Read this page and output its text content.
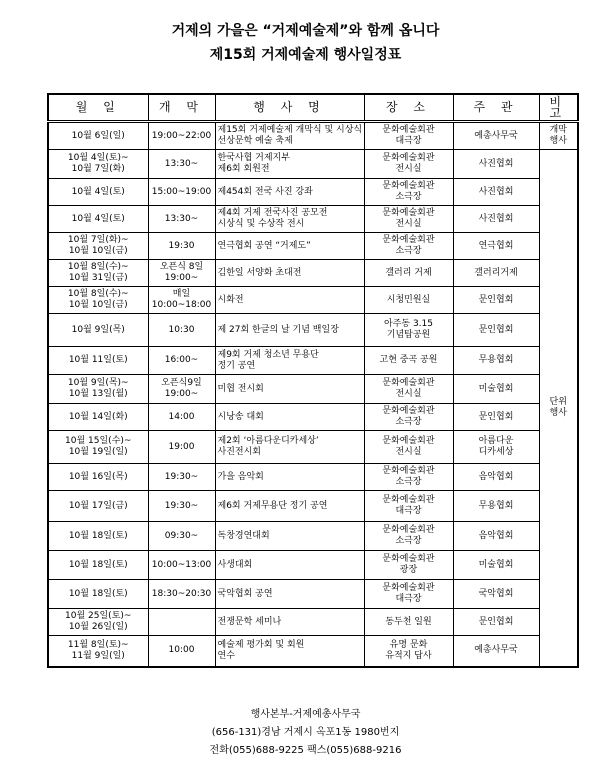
거제의 가을은 “거제예술제”와 함께 옵니다
제15회 거제예술제 행사일정표
월 일	개 막	행 사 명	장 소	주 관	비 고

10월 6일(일)	19:00~22:00	제15회 거제예술제 개막식 및 시상식
선상문학 예술 축제	문화예술회관
대극장	예총사무국	개막
행사

10월 4일(토)~
10월 7일(화)	13:30~	한국사협 거제지부
제6회 회원전	문화예술회관
전시실	사진협회	단위
행사

10월 4일(토)	15:00~19:00	제454회 전국 사진 강좌	문화예술회관
소극장	사진협회	

10월 4일(토)	13:30~	제4회 거제 전국사진 공모전
시상식 및 수상작 전시	문화예술회관
전시실	사진협회	

10월 7일(화)~
10월 10일(금)	19:30	연극협회 공연 “거제도”	문화예술회관
소극장	연극협회	

10월 8일(수)~
10월 31일(금)	오픈식 8일
19:00~	김한일 서양화 초대전	갤러리 거제	갤러리거제	

10월 8일(수)~
10월 10일(금)	매일
10:00~18:00	시화전	시청민원실	문인협회	

10월 9일(목)	10:30	제 27회 한글의 날 기념 백일장	아주동 3.15
기념탑공원	문인협회	

10월 11일(토)	16:00~	제9회 거제 청소년 무용단
정기 공연	고현 중곡 공원	무용협회	

10월 9일(목)~
10월 13일(월)	오픈식9일
19:00~	미협 전시회	문화예술회관
전시실	미술협회	

10월 14일(화)	14:00	시낭송 대회	문화예술회관
소극장	문인협회	

10월 15일(수)~
10월 19일(일)	19:00	제2회 ‘아름다운디카세상’
사진전시회	문화예술회관
전시실	아름다운
디카세상	

10월 16일(목)	19:30~	가을 음악회	문화예술회관
소극장	음악협회	

10월 17일(금)	19:30~	제6회 거제무용단 정기 공연	문화예술회관
대극장	무용협회	

10월 18일(토)	09:30~	독창경연대회	문화예술회관
소극장	음악협회	

10월 18일(토)	10:00~13:00	사생대회	문화예술회관
광장	미술협회	

10월 18일(토)	18:30~20:30	국악협회 공연	문화예술회관
대극장	국악협회	

10월 25일(토)~
10월 26일(일)		전쟁문학 세미나	동두천 일원	문인협회	

11월 8일(토)~
11월 9일(일)	10:00	예술제 평가회 및 회원
연수	유명 문화
유적지 답사	예총사무국	
행사본부-거제예총사무국
(656-131)경남 거제시 옥포1동 1980번지
전화(055)688-9225 팩스(055)688-9216
